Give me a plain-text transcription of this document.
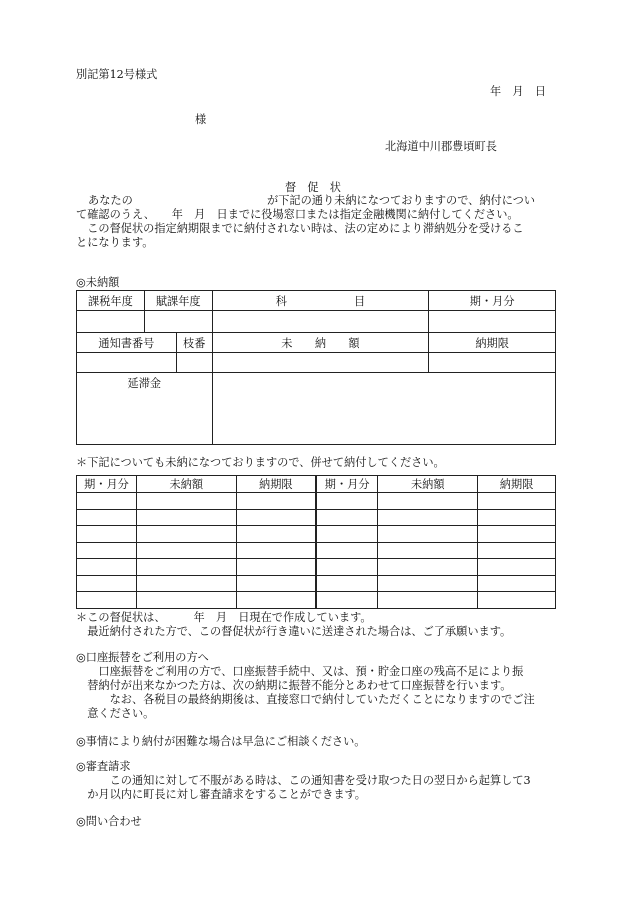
別記第12号様式
年　月　日
様
北海道中川郡豊頃町長
督　促　状
あなたの　　　　　　　　　　　　が下記の通り未納になつておりますので、納付につい
て確認のうえ、　　年　月　日までに役場窓口または指定金融機関に納付してください。
　この督促状の指定納期限までに納付されない時は、法の定めにより滞納処分を受けるこ
とになります。
◎未納額
課税年度	賦課年度		科　　　　　　目	期・月分

通知書番号		枝番	未　　納　　額	納期限

延滞金				
＊下記についても未納になつておりますので、併せて納付してください。
期・月分	未納額	納期限	期・月分	未納額	納期限

＊この督促状は、　　　年　月　日現在で作成しています。
　最近納付された方で、この督促状が行き違いに送達された場合は、ご了承願います。
◎口座振替をご利用の方へ
　　口座振替をご利用の方で、口座振替手続中、又は、預・貯金口座の残高不足により振
　替納付が出来なかつた方は、次の納期に振替不能分とあわせて口座振替を行います。
　　　なお、各税目の最終納期後は、直接窓口で納付していただくことになりますのでご注
　意ください。
◎事情により納付が困難な場合は早急にご相談ください。
◎審査請求
　　　この通知に対して不服がある時は、この通知書を受け取つた日の翌日から起算して3
　か月以内に町長に対し審査請求をすることができます。
◎問い合わせ
